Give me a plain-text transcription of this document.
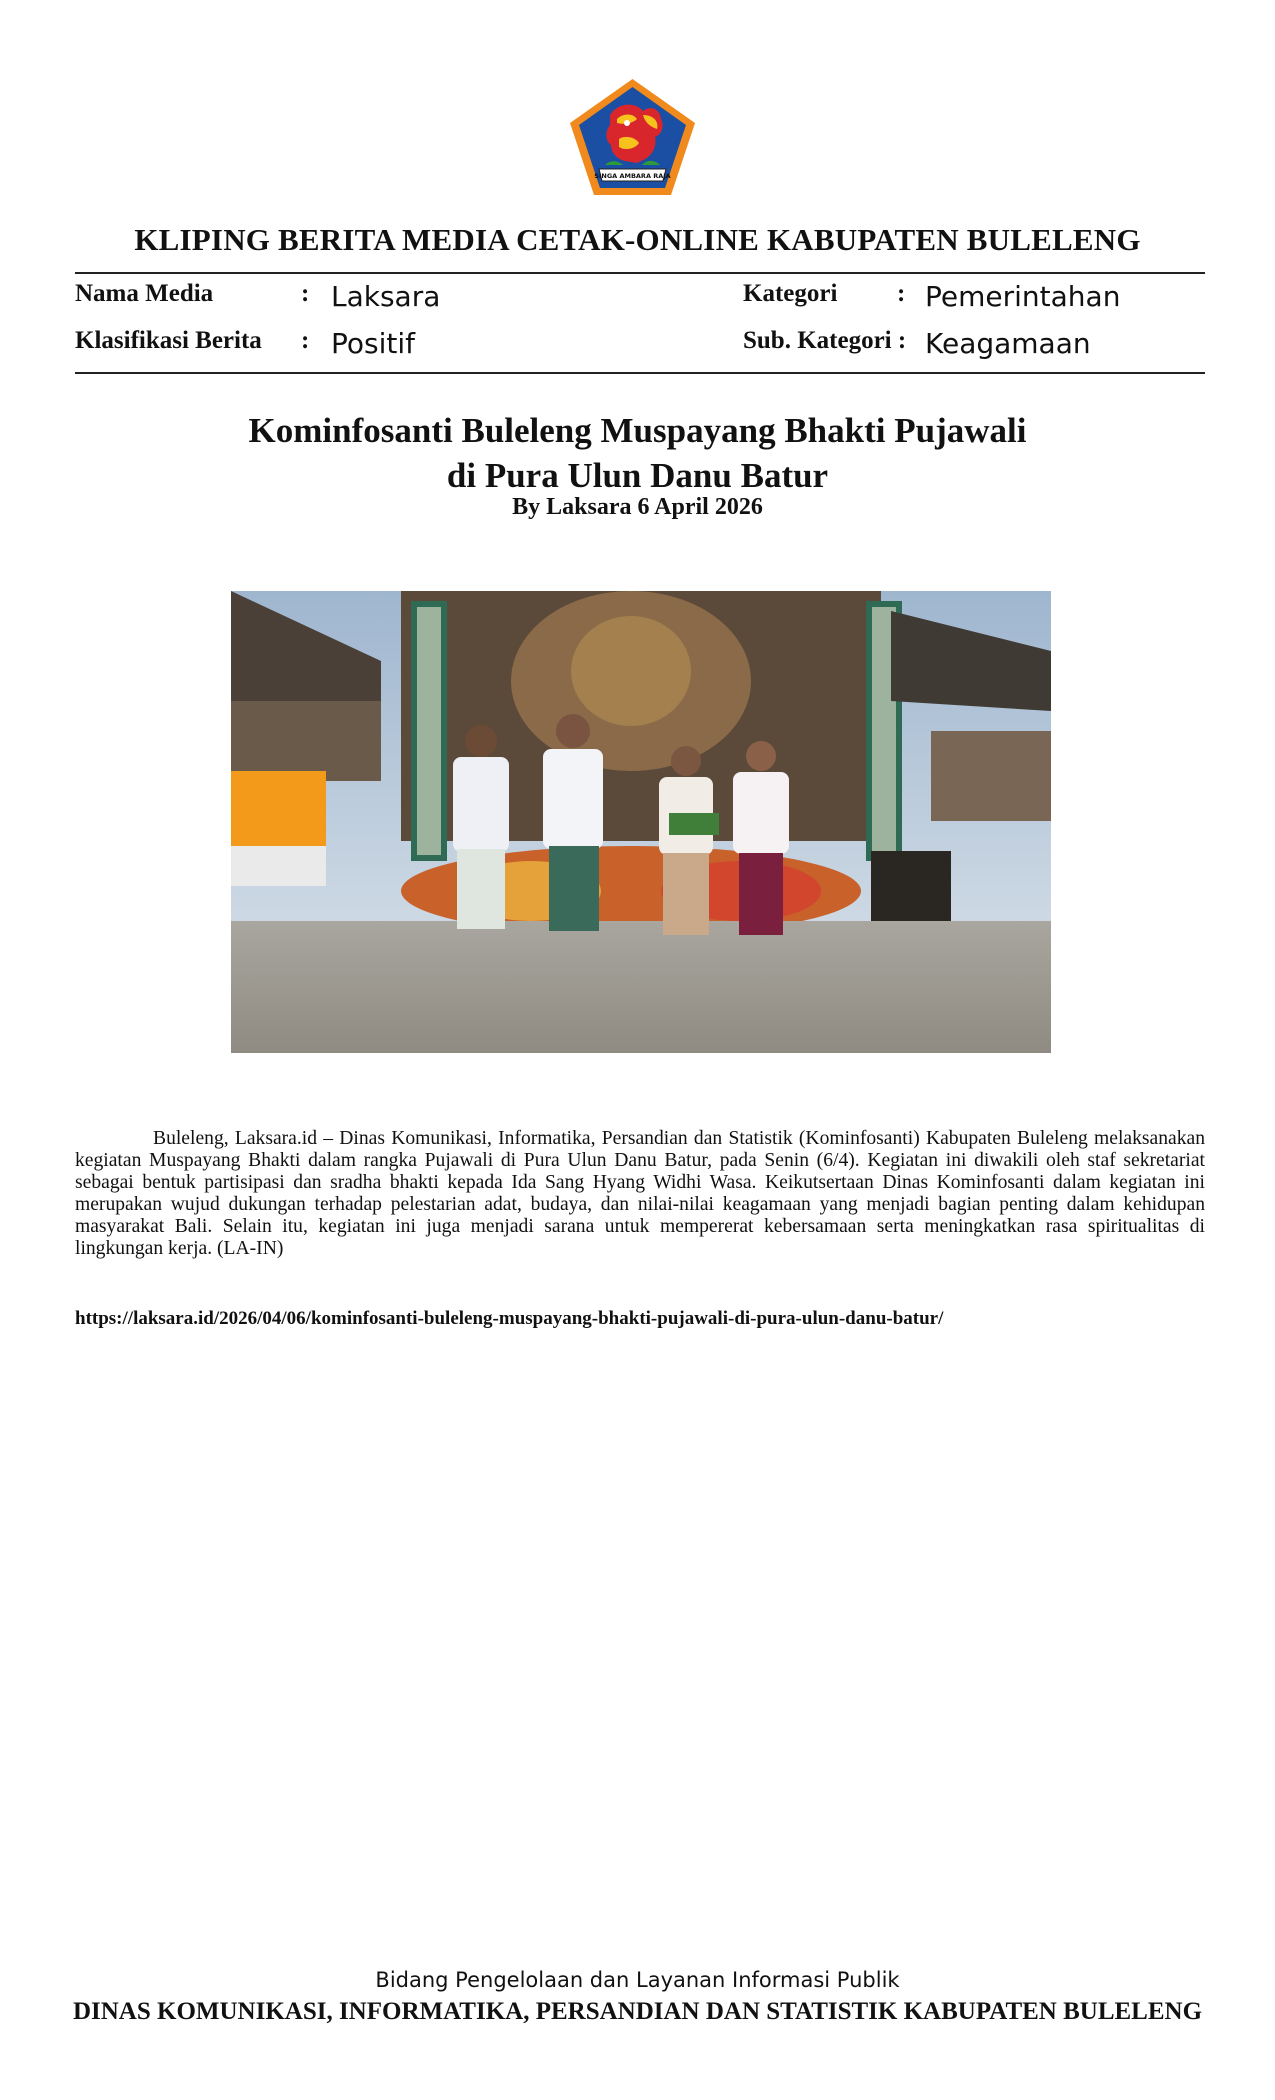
SINGA AMBARA RAJA
KLIPING BERITA MEDIA CETAK-ONLINE KABUPATEN BULELENG
Nama Media	: Laksara	Kategori : Pemerintahan
Klasifikasi Berita : Positif	Sub. Kategori : Keagamaan
Kominfosanti Buleleng Muspayang Bhakti Pujawali
di Pura Ulun Danu Batur
By Laksara 6 April 2026
Buleleng, Laksara.id – Dinas Komunikasi, Informatika, Persandian dan Statistik (Kominfosanti) Kabupaten Buleleng melaksanakan kegiatan Muspayang Bhakti dalam rangka Pujawali di Pura Ulun Danu Batur, pada Senin (6/4). Kegiatan ini diwakili oleh staf sekretariat sebagai bentuk partisipasi dan sradha bhakti kepada Ida Sang Hyang Widhi Wasa. Keikutsertaan Dinas Kominfosanti dalam kegiatan ini merupakan wujud dukungan terhadap pelestarian adat, budaya, dan nilai-nilai keagamaan yang menjadi bagian penting dalam kehidupan masyarakat Bali. Selain itu, kegiatan ini juga menjadi sarana untuk mempererat kebersamaan serta meningkatkan rasa spiritualitas di lingkungan kerja. (LA-IN)
https://laksara.id/2026/04/06/kominfosanti-buleleng-muspayang-bhakti-pujawali-di-pura-ulun-danu-batur/
Bidang Pengelolaan dan Layanan Informasi Publik
DINAS KOMUNIKASI, INFORMATIKA, PERSANDIAN DAN STATISTIK KABUPATEN BULELENG
